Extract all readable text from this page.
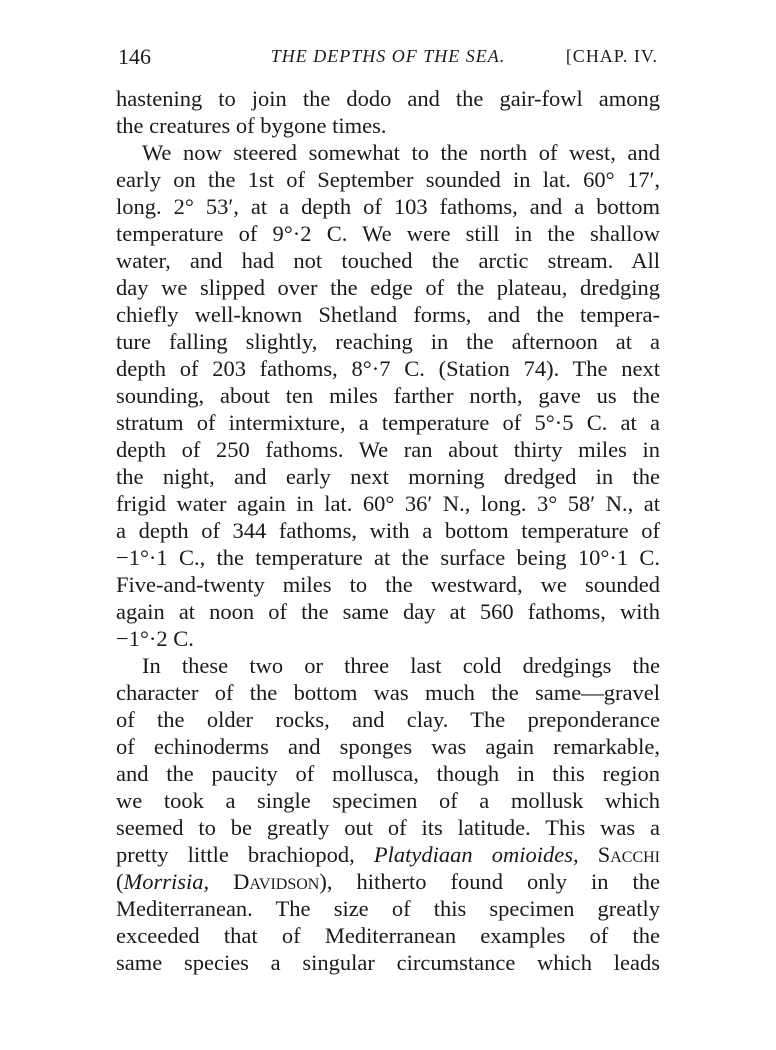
146	THE DEPTHS OF THE SEA.	[CHAP. IV.
hastening to join the dodo and the gair-fowl among
the creatures of bygone times.
We now steered somewhat to the north of west, and
early on the 1st of September sounded in lat. 60° 17′,
long. 2° 53′, at a depth of 103 fathoms, and a bottom
temperature of 9°·2 C. We were still in the shallow
water, and had not touched the arctic stream. All
day we slipped over the edge of the plateau, dredging
chiefly well-known Shetland forms, and the tempera-
ture falling slightly, reaching in the afternoon at a
depth of 203 fathoms, 8°·7 C. (Station 74). The next
sounding, about ten miles farther north, gave us the
stratum of intermixture, a temperature of 5°·5 C. at a
depth of 250 fathoms. We ran about thirty miles in
the night, and early next morning dredged in the
frigid water again in lat. 60° 36′ N., long. 3° 58′ N., at
a depth of 344 fathoms, with a bottom temperature of
−1°·1 C., the temperature at the surface being 10°·1 C.
Five-and-twenty miles to the westward, we sounded
again at noon of the same day at 560 fathoms, with
−1°·2 C.
In these two or three last cold dredgings the
character of the bottom was much the same—gravel
of the older rocks, and clay. The preponderance
of echinoderms and sponges was again remarkable,
and the paucity of mollusca, though in this region
we took a single specimen of a mollusk which
seemed to be greatly out of its latitude. This was a
pretty little brachiopod, Platydiaan omioides, Sacchi
(Morrisia, Davidson), hitherto found only in the
Mediterranean. The size of this specimen greatly
exceeded that of Mediterranean examples of the
same species a singular circumstance which leads
